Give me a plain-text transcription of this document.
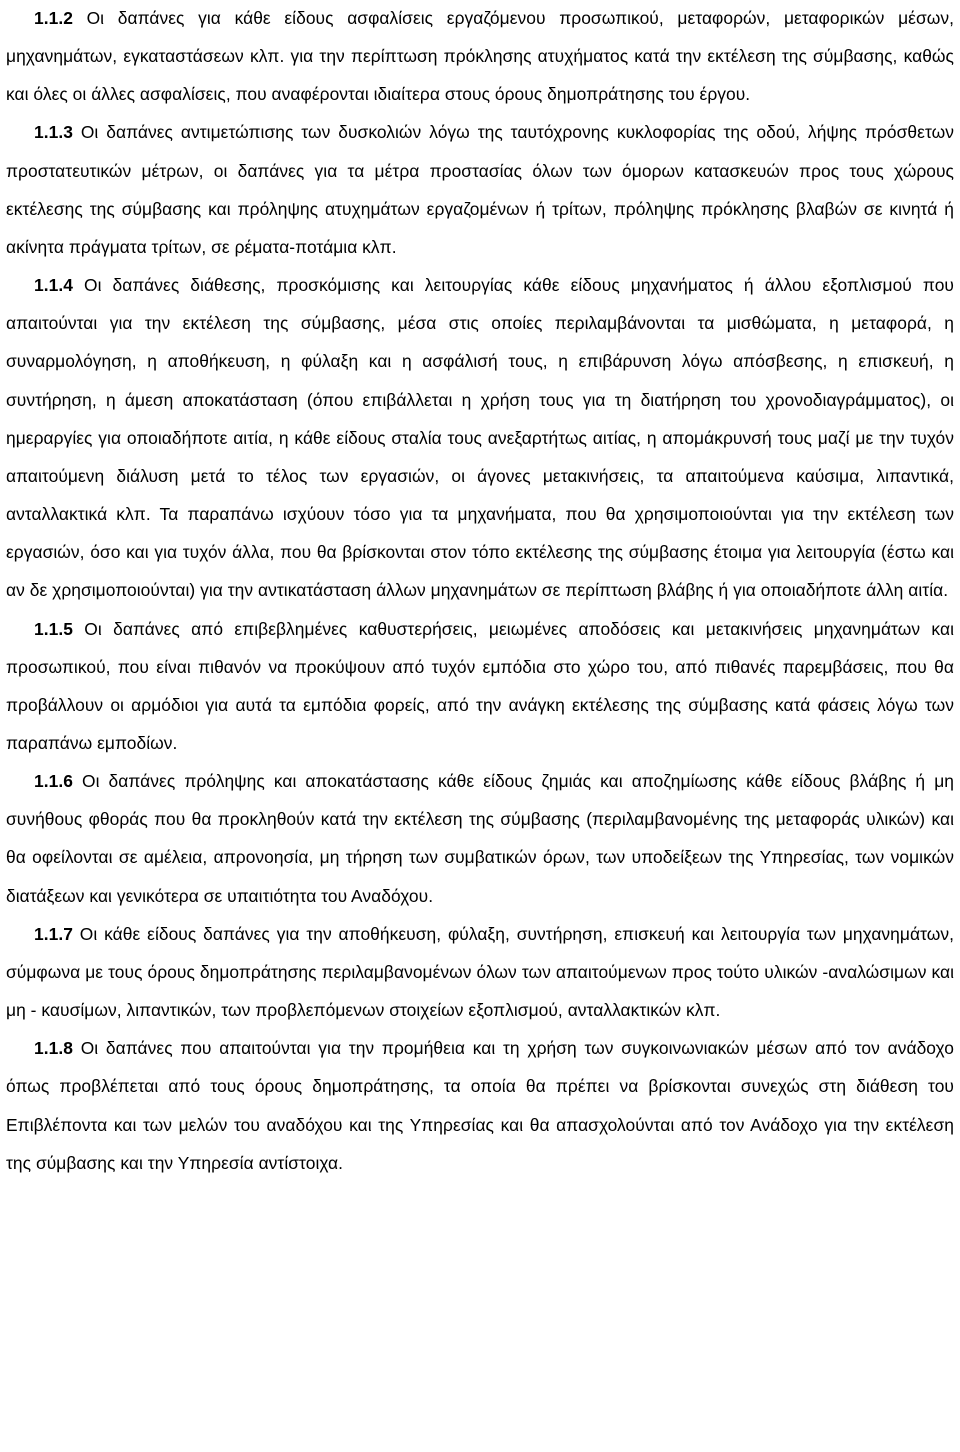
1.1.2 Οι δαπάνες για κάθε είδους ασφαλίσεις εργαζόμενου προσωπικού, μεταφορών, μεταφορικών μέσων, μηχανημάτων, εγκαταστάσεων κλπ. για την περίπτωση πρόκλησης ατυχήματος κατά την εκτέλεση της σύμβασης, καθώς και όλες οι άλλες ασφαλίσεις, που αναφέρονται ιδιαίτερα στους όρους δημοπράτησης του έργου.

1.1.3 Οι δαπάνες αντιμετώπισης των δυσκολιών λόγω της ταυτόχρονης κυκλοφορίας της οδού, λήψης πρόσθετων προστατευτικών μέτρων, οι δαπάνες για τα μέτρα προστασίας όλων των όμορων κατασκευών προς τους χώρους εκτέλεσης της σύμβασης και πρόληψης ατυχημάτων εργαζομένων ή τρίτων, πρόληψης πρόκλησης βλαβών σε κινητά ή ακίνητα πράγματα τρίτων, σε ρέματα-ποτάμια κλπ.

1.1.4 Οι δαπάνες διάθεσης, προσκόμισης και λειτουργίας κάθε είδους μηχανήματος ή άλλου εξοπλισμού που απαιτούνται για την εκτέλεση της σύμβασης, μέσα στις οποίες περιλαμβάνονται τα μισθώματα, η μεταφορά, η συναρμολόγηση, η αποθήκευση, η φύλαξη και η ασφάλισή τους, η επιβάρυνση λόγω απόσβεσης, η επισκευή, η συντήρηση, η άμεση αποκατάσταση (όπου επιβάλλεται η χρήση τους για τη διατήρηση του χρονοδιαγράμματος), οι ημεραργίες για οποιαδήποτε αιτία, η κάθε είδους σταλία τους ανεξαρτήτως αιτίας, η απομάκρυνσή τους μαζί με την τυχόν απαιτούμενη διάλυση μετά το τέλος των εργασιών, οι άγονες μετακινήσεις, τα απαιτούμενα καύσιμα, λιπαντικά, ανταλλακτικά κλπ. Τα παραπάνω ισχύουν τόσο για τα μηχανήματα, που θα χρησιμοποιούνται για την εκτέλεση των εργασιών, όσο και για τυχόν άλλα, που θα βρίσκονται στον τόπο εκτέλεσης της σύμβασης έτοιμα για λειτουργία (έστω και αν δε χρησιμοποιούνται) για την αντικατάσταση άλλων μηχανημάτων σε περίπτωση βλάβης ή για οποιαδήποτε άλλη αιτία.

1.1.5 Οι δαπάνες από επιβεβλημένες καθυστερήσεις, μειωμένες αποδόσεις και μετακινήσεις μηχανημάτων και προσωπικού, που είναι πιθανόν να προκύψουν από τυχόν εμπόδια στο χώρο του, από πιθανές παρεμβάσεις, που θα προβάλλουν οι αρμόδιοι για αυτά τα εμπόδια φορείς, από την ανάγκη εκτέλεσης της σύμβασης κατά φάσεις λόγω των παραπάνω εμποδίων.

1.1.6 Οι δαπάνες πρόληψης και αποκατάστασης κάθε είδους ζημιάς και αποζημίωσης κάθε είδους βλάβης ή μη συνήθους φθοράς που θα προκληθούν κατά την εκτέλεση της σύμβασης (περιλαμβανομένης της μεταφοράς υλικών) και θα οφείλονται σε αμέλεια, απρονοησία, μη τήρηση των συμβατικών όρων, των υποδείξεων της Υπηρεσίας, των νομικών διατάξεων και γενικότερα σε υπαιτιότητα του Αναδόχου.

1.1.7 Οι κάθε είδους δαπάνες για την αποθήκευση, φύλαξη, συντήρηση, επισκευή και λειτουργία των μηχανημάτων, σύμφωνα με τους όρους δημοπράτησης περιλαμβανομένων όλων των απαιτούμενων προς τούτο υλικών -αναλώσιμων και μη - καυσίμων, λιπαντικών, των προβλεπόμενων στοιχείων εξοπλισμού, ανταλλακτικών κλπ.

1.1.8 Οι δαπάνες που απαιτούνται για την προμήθεια και τη χρήση των συγκοινωνιακών μέσων από τον ανάδοχο όπως προβλέπεται από τους όρους δημοπράτησης, τα οποία θα πρέπει να βρίσκονται συνεχώς στη διάθεση του Επιβλέποντα και των μελών του αναδόχου και της Υπηρεσίας και θα απασχολούνται από τον Ανάδοχο για την εκτέλεση της σύμβασης και την Υπηρεσία αντίστοιχα.
